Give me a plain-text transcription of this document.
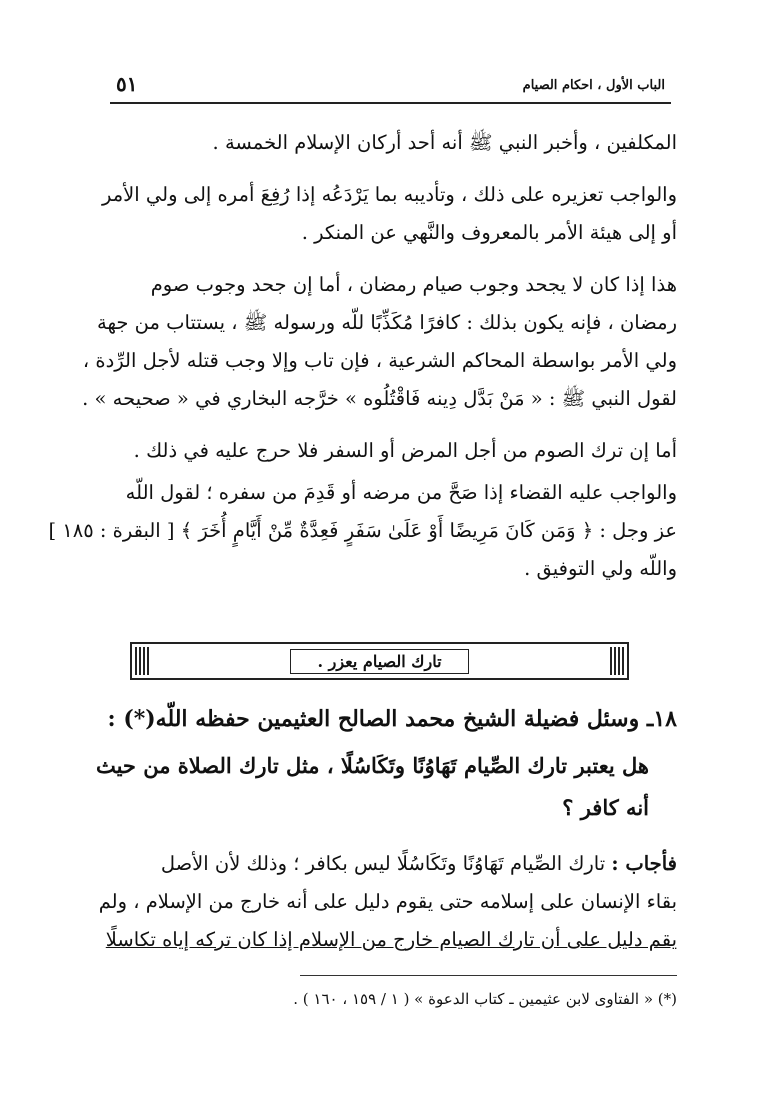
٥١	الباب الأول ، احكام الصيام

المكلفين ، وأخبر النبي ﷺ أنه أحد أركان الإسلام الخمسة .

والواجب تعزيره على ذلك ، وتأديبه بما يَرْدَعُه إذا رُفِعَ أمره إلى ولي الأمر

أو إلى هيئة الأمر بالمعروف والنَّهي عن المنكر .

هذا إذا كان لا يجحد وجوب صيام رمضان ، أما إن جحد وجوب صوم

رمضان ، فإنه يكون بذلك : كافرًا مُكَذِّبًا للّه ورسوله ﷺ ، يستتاب من جهة

ولي الأمر بواسطة المحاكم الشرعية ، فإن تاب وإلا وجب قتله لأجل الرِّدة ،

لقول النبي ﷺ : « مَنْ بَدَّل دِينه فَاقْتُلُوه » خرَّجه البخاري في « صحيحه » .

أما إن ترك الصوم من أجل المرض أو السفر فلا حرج عليه في ذلك .

والواجب عليه القضاء إذا صَحَّ من مرضه أو قَدِمَ من سفره ؛ لقول اللّه

عز وجل : ﴿ وَمَن كَانَ مَرِيضًا أَوْ عَلَىٰ سَفَرٍ فَعِدَّةٌ مِّنْ أَيَّامٍ أُخَرَ ﴾ [ البقرة : ١٨٥ ]

واللّه ولي التوفيق .

تارك الصيام يعزر .
١٨ـ وسئل فضيلة الشيخ محمد الصالح العثيمين حفظه اللّه(*) :

هل يعتبر تارك الصِّيام تَهَاوُنًا وتَكَاسُلًا ، مثل تارك الصلاة من حيث

أنه كافر ؟

فأجاب : تارك الصِّيام تَهَاوُنًا وتَكَاسُلًا ليس بكافر ؛ وذلك لأن الأصل

بقاء الإنسان على إسلامه حتى يقوم دليل على أنه خارج من الإسلام ، ولم

يقم دليل على أن تارك الصيام خارج من الإسلام إذا كان تركه إياه تكاسلًا

(*) « الفتاوى لابن عثيمين ـ كتاب الدعوة » ( ١ / ١٥٩ ، ١٦٠ ) .
